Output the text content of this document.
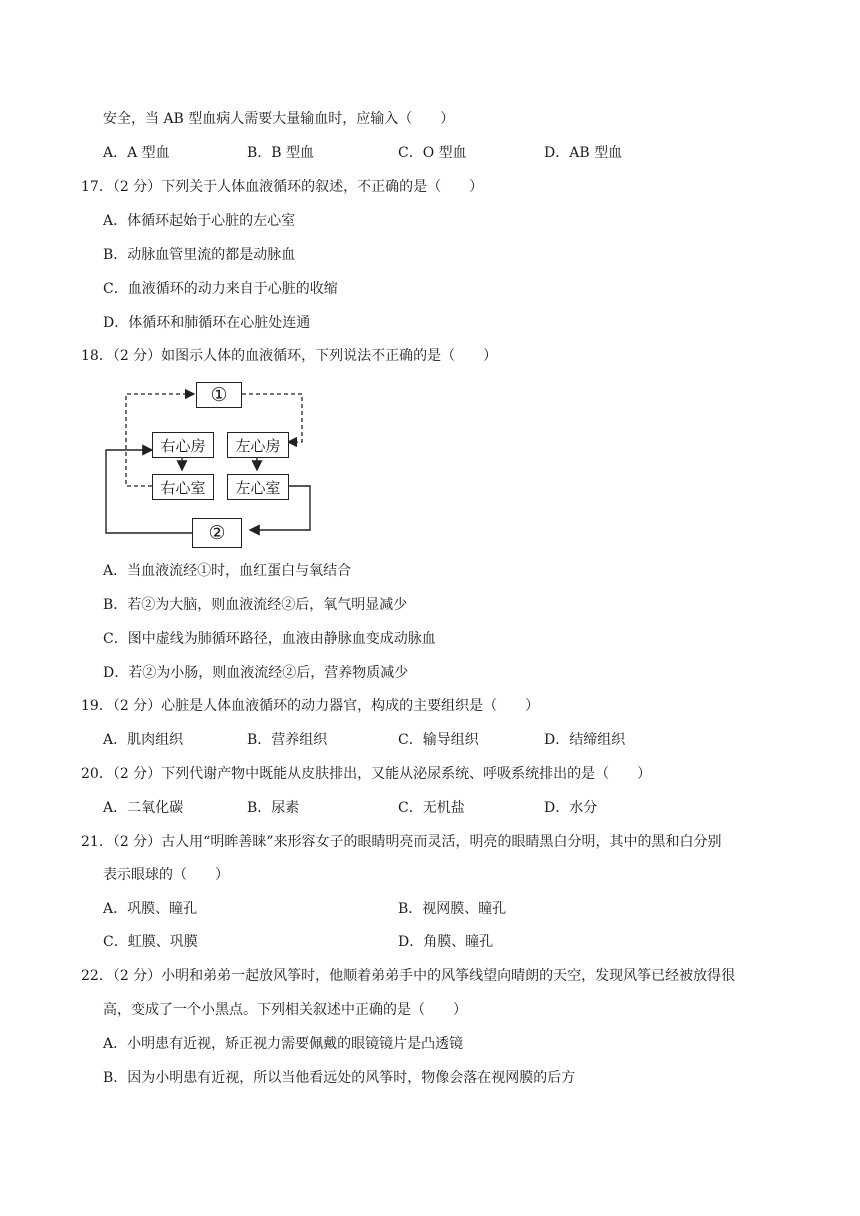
安全，当 AB 型血病人需要大量输血时，应输入（　　）
A．A 型血	B．B 型血	C．O 型血	D．AB 型血
17．（2 分）下列关于人体血液循环的叙述，不正确的是（　　）
A．体循环起始于心脏的左心室
B．动脉血管里流的都是动脉血
C．血液循环的动力来自于心脏的收缩
D．体循环和肺循环在心脏处连通
18．（2 分）如图示人体的血液循环，下列说法不正确的是（　　）
①
右心房	左心房
右心室	左心室
②
A．当血液流经①时，血红蛋白与氧结合
B．若②为大脑，则血液流经②后，氧气明显减少
C．图中虚线为肺循环路径，血液由静脉血变成动脉血
D．若②为小肠，则血液流经②后，营养物质减少
19．（2 分）心脏是人体血液循环的动力器官，构成的主要组织是（　　）
A．肌肉组织	B．营养组织	C．输导组织	D．结缔组织
20．（2 分）下列代谢产物中既能从皮肤排出，又能从泌尿系统、呼吸系统排出的是（　　）
A．二氧化碳	B．尿素	C．无机盐	D．水分
21．（2 分）古人用“明眸善睐”来形容女子的眼睛明亮而灵活，明亮的眼睛黑白分明，其中的黑和白分别
表示眼球的（　　）
A．巩膜、瞳孔	B．视网膜、瞳孔
C．虹膜、巩膜	D．角膜、瞳孔
22．（2 分）小明和弟弟一起放风筝时，他顺着弟弟手中的风筝线望向晴朗的天空，发现风筝已经被放得很
高，变成了一个小黑点。下列相关叙述中正确的是（　　）
A．小明患有近视，矫正视力需要佩戴的眼镜镜片是凸透镜
B．因为小明患有近视，所以当他看远处的风筝时，物像会落在视网膜的后方
